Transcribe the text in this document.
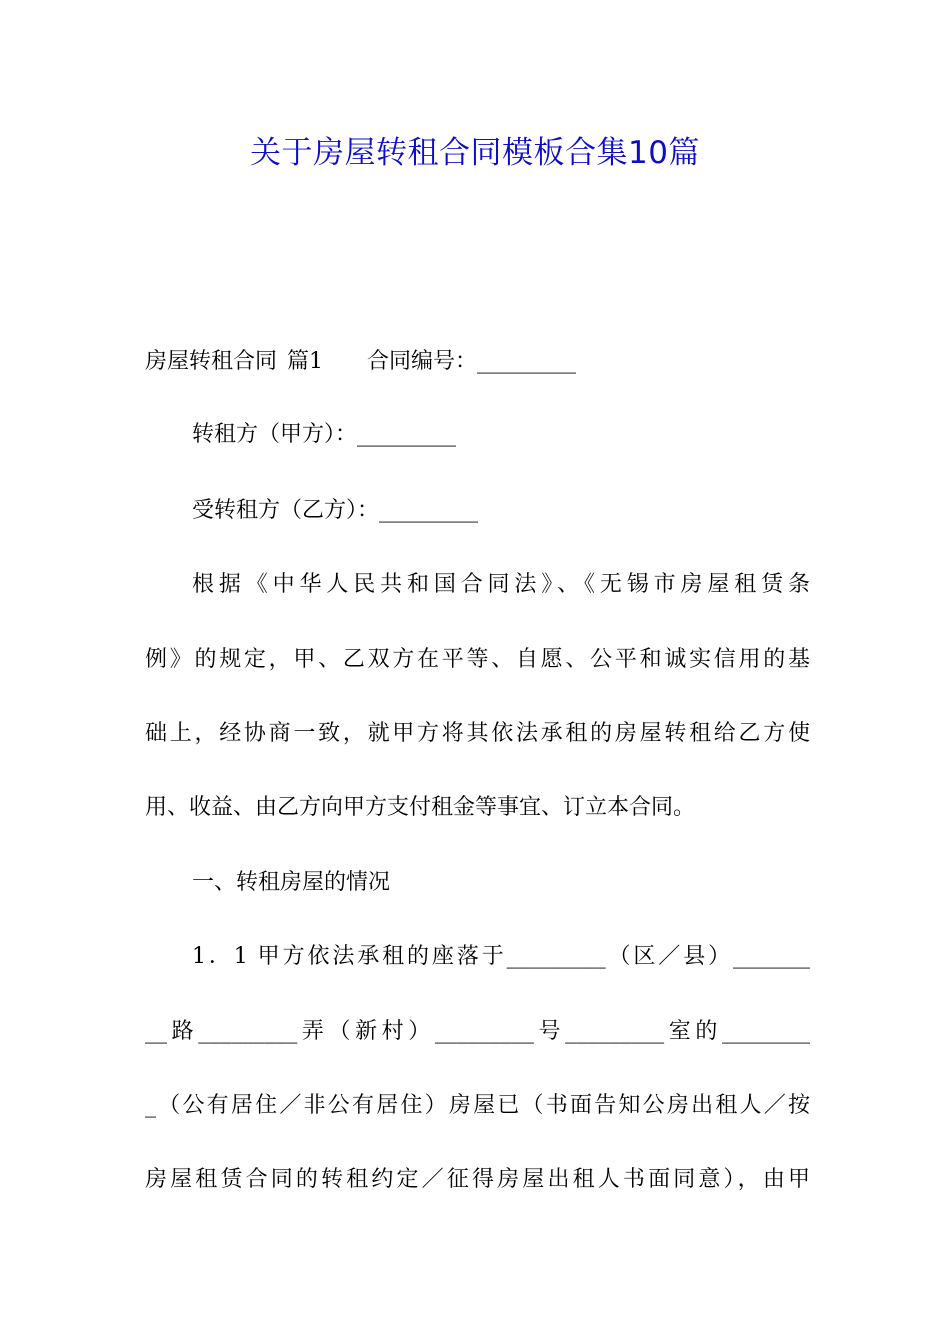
关于房屋转租合同模板合集10篇
房屋转租合同 篇1 合同编号：_________
转租方（甲方）：_________
受转租方（乙方）：_________
根据《中华人民共和国合同法》、《无锡市房屋租赁条
例》的规定，甲、乙双方在平等、自愿、公平和诚实信用的基
础上，经协商一致，就甲方将其依法承租的房屋转租给乙方使
用、收益、由乙方向甲方支付租金等事宜、订立本合同。
一、转租房屋的情况
1．1 甲方依法承租的座落于_________（区／县）_______
__路_________弄（新村）_________号_________室的________
_（公有居住／非公有居住）房屋已（书面告知公房出租人／按
房屋租赁合同的转租约定／征得房屋出租人书面同意），由甲
